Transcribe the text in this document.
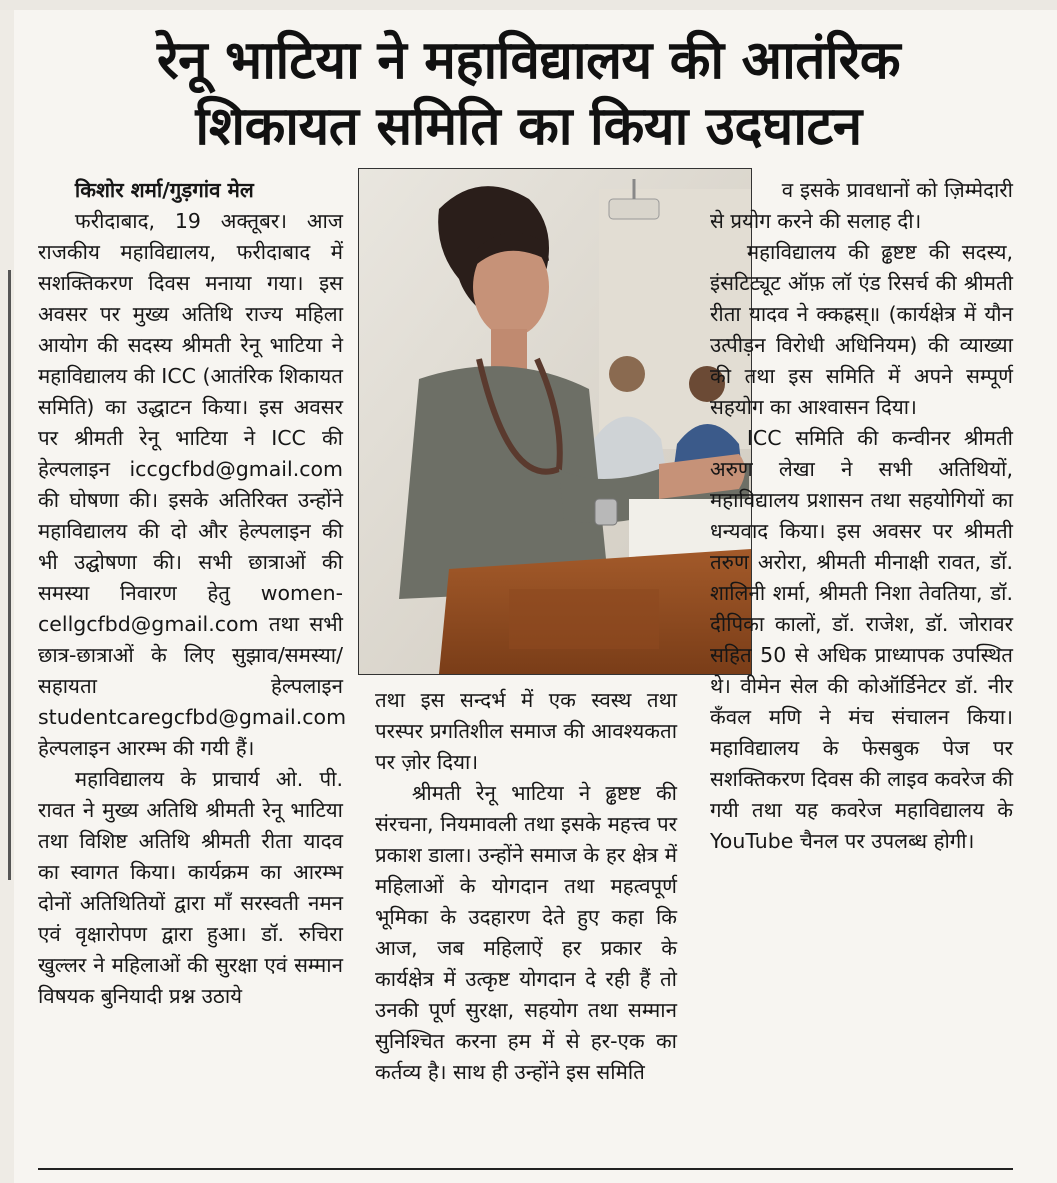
रेनू भाटिया ने महाविद्यालय की आतंरिक
शिकायत समिति का किया उदघाटन
किशोर शर्मा/गुड़गांव मेल

फरीदाबाद, 19 अक्तूबर। आज राजकीय महाविद्यालय, फरीदाबाद में सशक्तिकरण दिवस मनाया गया। इस अवसर पर मुख्य अतिथि राज्य महिला आयोग की सदस्य श्रीमती रेनू भाटिया ने महाविद्यालय की ICC (आतंरिक शिकायत समिति) का उद्धाटन किया। इस अवसर पर श्रीमती रेनू भाटिया ने ICC की हेल्पलाइन iccgcfbd@gmail.com की घोषणा की। इसके अतिरिक्त उन्होंने महाविद्यालय की दो और हेल्पलाइन की भी उद्घोषणा की। सभी छात्राओं की समस्या निवारण हेतु women-cellgcfbd@gmail.com तथा सभी छात्र-छात्राओं के लिए सुझाव/समस्या/सहायता हेल्पलाइन studentcaregcfbd@gmail.com हेल्पलाइन आरम्भ की गयी हैं।

महाविद्यालय के प्राचार्य ओ. पी. रावत ने मुख्य अतिथि श्रीमती रेनू भाटिया तथा विशिष्ट अतिथि श्रीमती रीता यादव का स्वागत किया। कार्यक्रम का आरम्भ दोनों अतिथितियों द्वारा माँ सरस्वती नमन एवं वृक्षारोपण द्वारा हुआ। डॉ. रुचिरा खुल्लर ने महिलाओं की सुरक्षा एवं सम्मान विषयक बुनियादी प्रश्न उठाये

तथा इस सन्दर्भ में एक स्वस्थ तथा परस्पर प्रगतिशील समाज की आवश्यकता पर ज़ोर दिया।

श्रीमती रेनू भाटिया ने ढ्ढष्टष्ट की संरचना, नियमावली तथा इसके महत्त्व पर प्रकाश डाला। उन्होंने समाज के हर क्षेत्र में महिलाओं के योगदान तथा महत्वपूर्ण भूमिका के उदहारण देते हुए कहा कि आज, जब महिलाऐं हर प्रकार के कार्यक्षेत्र में उत्कृष्ट योगदान दे रही हैं तो उनकी पूर्ण सुरक्षा, सहयोग तथा सम्मान सुनिश्चित करना हम में से हर-एक का कर्तव्य है। साथ ही उन्होंने इस समिति

व इसके प्रावधानों को ज़िम्मेदारी से प्रयोग करने की सलाह दी।

महाविद्यालय की ढ्ढष्टष्ट की सदस्य, इंसटिट्यूट ऑफ़ लॉ एंड रिसर्च की श्रीमती रीता यादव ने क्कह्रस्॥ (कार्यक्षेत्र में यौन उत्पीड़न विरोधी अधिनियम) की व्याख्या की तथा इस समिति में अपने सम्पूर्ण सहयोग का आश्वासन दिया।

ICC समिति की कन्वीनर श्रीमती अरुण लेखा ने सभी अतिथियों, महाविद्यालय प्रशासन तथा सहयोगियों का धन्यवाद किया। इस अवसर पर श्रीमती तरुण अरोरा, श्रीमती मीनाक्षी रावत, डॉ. शालिनी शर्मा, श्रीमती निशा तेवतिया, डॉ. दीपिका कालों, डॉ. राजेश, डॉ. जोरावर सहित 50 से अधिक प्राध्यापक उपस्थित थे। वीमेन सेल की कोऑर्डिनेटर डॉ. नीर कँवल मणि ने मंच संचालन किया। महाविद्यालय के फेसबुक पेज पर सशक्तिकरण दिवस की लाइव कवरेज की गयी तथा यह कवरेज महाविद्यालय के YouTube चैनल पर उपलब्ध होगी।
